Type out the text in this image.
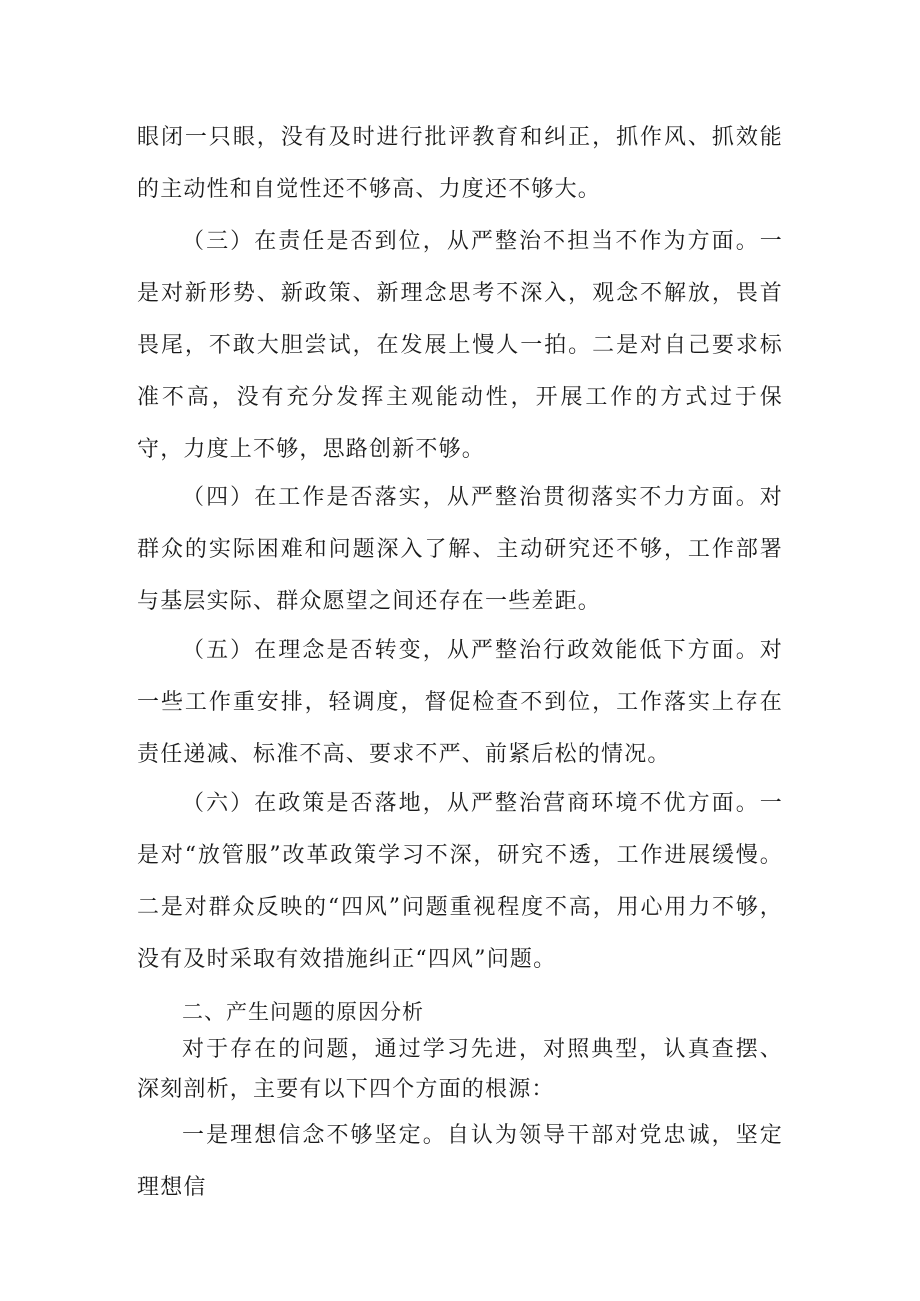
眼闭一只眼，没有及时进行批评教育和纠正，抓作风、抓效能的主动性和自觉性还不够高、力度还不够大。

（三）在责任是否到位，从严整治不担当不作为方面。一是对新形势、新政策、新理念思考不深入，观念不解放，畏首畏尾，不敢大胆尝试，在发展上慢人一拍。二是对自己要求标准不高，没有充分发挥主观能动性，开展工作的方式过于保守，力度上不够，思路创新不够。

（四）在工作是否落实，从严整治贯彻落实不力方面。对群众的实际困难和问题深入了解、主动研究还不够，工作部署与基层实际、群众愿望之间还存在一些差距。

（五）在理念是否转变，从严整治行政效能低下方面。对一些工作重安排，轻调度，督促检查不到位，工作落实上存在责任递减、标准不高、要求不严、前紧后松的情况。

（六）在政策是否落地，从严整治营商环境不优方面。一是对“放管服”改革政策学习不深，研究不透，工作进展缓慢。二是对群众反映的“四风”问题重视程度不高，用心用力不够，没有及时采取有效措施纠正“四风”问题。

二、产生问题的原因分析

对于存在的问题，通过学习先进，对照典型，认真查摆、深刻剖析，主要有以下四个方面的根源：

一是理想信念不够坚定。自认为领导干部对党忠诚，坚定理想信
